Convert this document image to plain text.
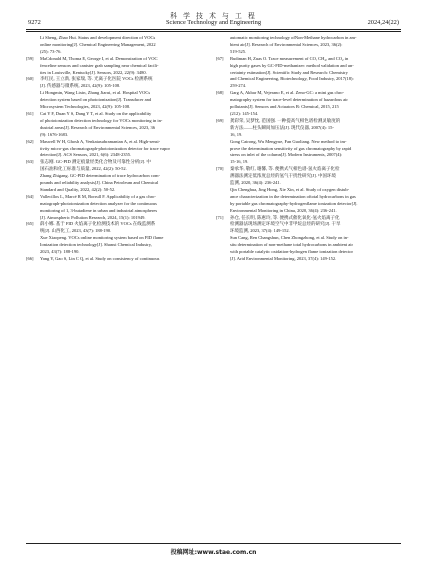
9272
科 学 技 术 与 工 程
Science Technology and Engineering	2024,24(22)
Li Sheng, Zhao Hui. Status and development direction of VOCs
online monitoring[J]. Chemical Engineering Management, 2022
(25): 73-76.
[59] MaCdonald M, Thoma E, George I, et al. Demonstration of VOC
fenceline sensors and canister grab sampling near chemical facili-
ties in Louisville, Kentucky[J]. Sensors, 2022, 22(9): 3480.
[60] 李红民, 王立新, 张家瑞, 等. 光离子化医院 VOCs 检测系统
[J]. 传感器与微系统, 2023, 42(9): 105-108.
Li Hongmin, Wang Lixin, Zhang Jiarui, et al. Hospital VOCs
detection system based on photoionization[J]. Transducer and
Microsystem Technologies, 2023, 42(9): 105-108.
[61] Cai Y F, Duan Y S, Dang Y T, et al. Study on the applicability
of photoionization detection technology for VOCs monitoring in in-
dustrial areas[J]. Research of Environmental Sciences, 2023, 36
(9): 1676-1683.
[62] Maswell W H, Ghosh A, Venkatasubramanian A, et al. High-sensi-
tivity micro-gas chromatograph-photoionization detector for trace vapor
detection[J]. ACS Sensors, 2021, 6(6): 2348-2355.
[63] 张志刚. GC-PID 测定痕量烃类化合物及可靠性分析[J]. 中
国石油和化工标准与质量, 2022, 42(2): 50-52.
Zhang Zhigang. GC-PID determination of trace hydrocarbon com-
pounds and reliability analysis[J]. China Petroleum and Chemical
Standard and Quality, 2022, 42(2): 50-52.
[64] Vallecillos L, Marcé R M, Borrull F. Applicability of a gas chro-
matograph-photoionization detection analyzer for the continuous
monitoring of 1, 3-butadiene in urban and industrial atmospheres
[J]. Atmospheric Pollution Research, 2024, 15(1): 101949.
[65] 薛小娜. 基于 FID 火焰离子化检测技术的 VOCs 在线监测系
统[J]. 山西化工, 2023, 43(7): 188-190.
Xue Xiaopeng. VOCs online monitoring system based on FID flame
Ionization detection technology[J]. Shanxi Chemical Industry,
2023, 43(7): 188-190.
[66] Yang Y, Gao S, Lin C Q, et al. Study on consistency of continuous
automatic monitoring technology ofNon-Methane hydrocarbon in am-
bient air[J]. Research of Environmental Sciences, 2023, 36(2):
519-525.
[67] Budiman H, Zuas O. Trace measurement of CO, CH₄, and CO₂ in
high purity gases by GC-FID-methanizer: method validation and un-
certainty estimation[J]. Scientific Study and Research: Chemistry
and Chemical Engineering, Biotechnology, Food Industry, 2017(18):
259-274.
[68] Garg A, Akbar M, Vejerano E, et al. Zeno-GC: a mini gas chro-
matography system for trace-level determination of hazardous air
pollutants[J]. Sensors and Actuators B: Chemical, 2015, 215
(212): 145-154.
[69] 龚彩荣, 吴梦忱, 范国强. 一种提高气相色谱检测灵敏度的
新方法——柱头瞬间加压法[J]. 现代仪器, 2007(4): 15-
16, 19.
Gong Cairong, Wu Mengyue, Fan Guoliang. New method to im-
prove the determination sensitivity of gas chromatography by rapid
stress on inlet of the column[J]. Modern Instruments, 2007(4):
15-16, 19.
[70] 秦承华, 敬红, 谢馨, 等. 便携式气相色谱-氢火焰离子化检
测器法测定低浓度总烃的氢气干扰性研究[J]. 中国环境
监测, 2020, 36(4): 236-241.
Qin Chenghua, Jing Hong, Xie Xin, et al. Study of oxygen distub-
ance characterization in the determination oftotal hydrocarbons in gas
by portable gas chromatography-hydrogenflame ionization detector[J].
Environmental Monitoring in China, 2020, 36(4): 236-241.
[71] 孙仓, 任长明, 陈惠玲, 等. 便携式催化氧化-氢火焰离子化
检测器法现场测定环境空气中非甲烷总烃的研究[J]. 干旱
环境监测, 2023, 37(4): 149-152.
Sun Cang, Ren Changshun, Chen Zhongzhong, et al. Study on in-
situ determination of non-methane total hydrocarbons in ambient air
with portable catalytic oxidation-hydrogen flame ionization detector
[J]. Arid Environmental Monitoring, 2023, 37(4): 149-152.
投稿网址:www.stae.com.cn
